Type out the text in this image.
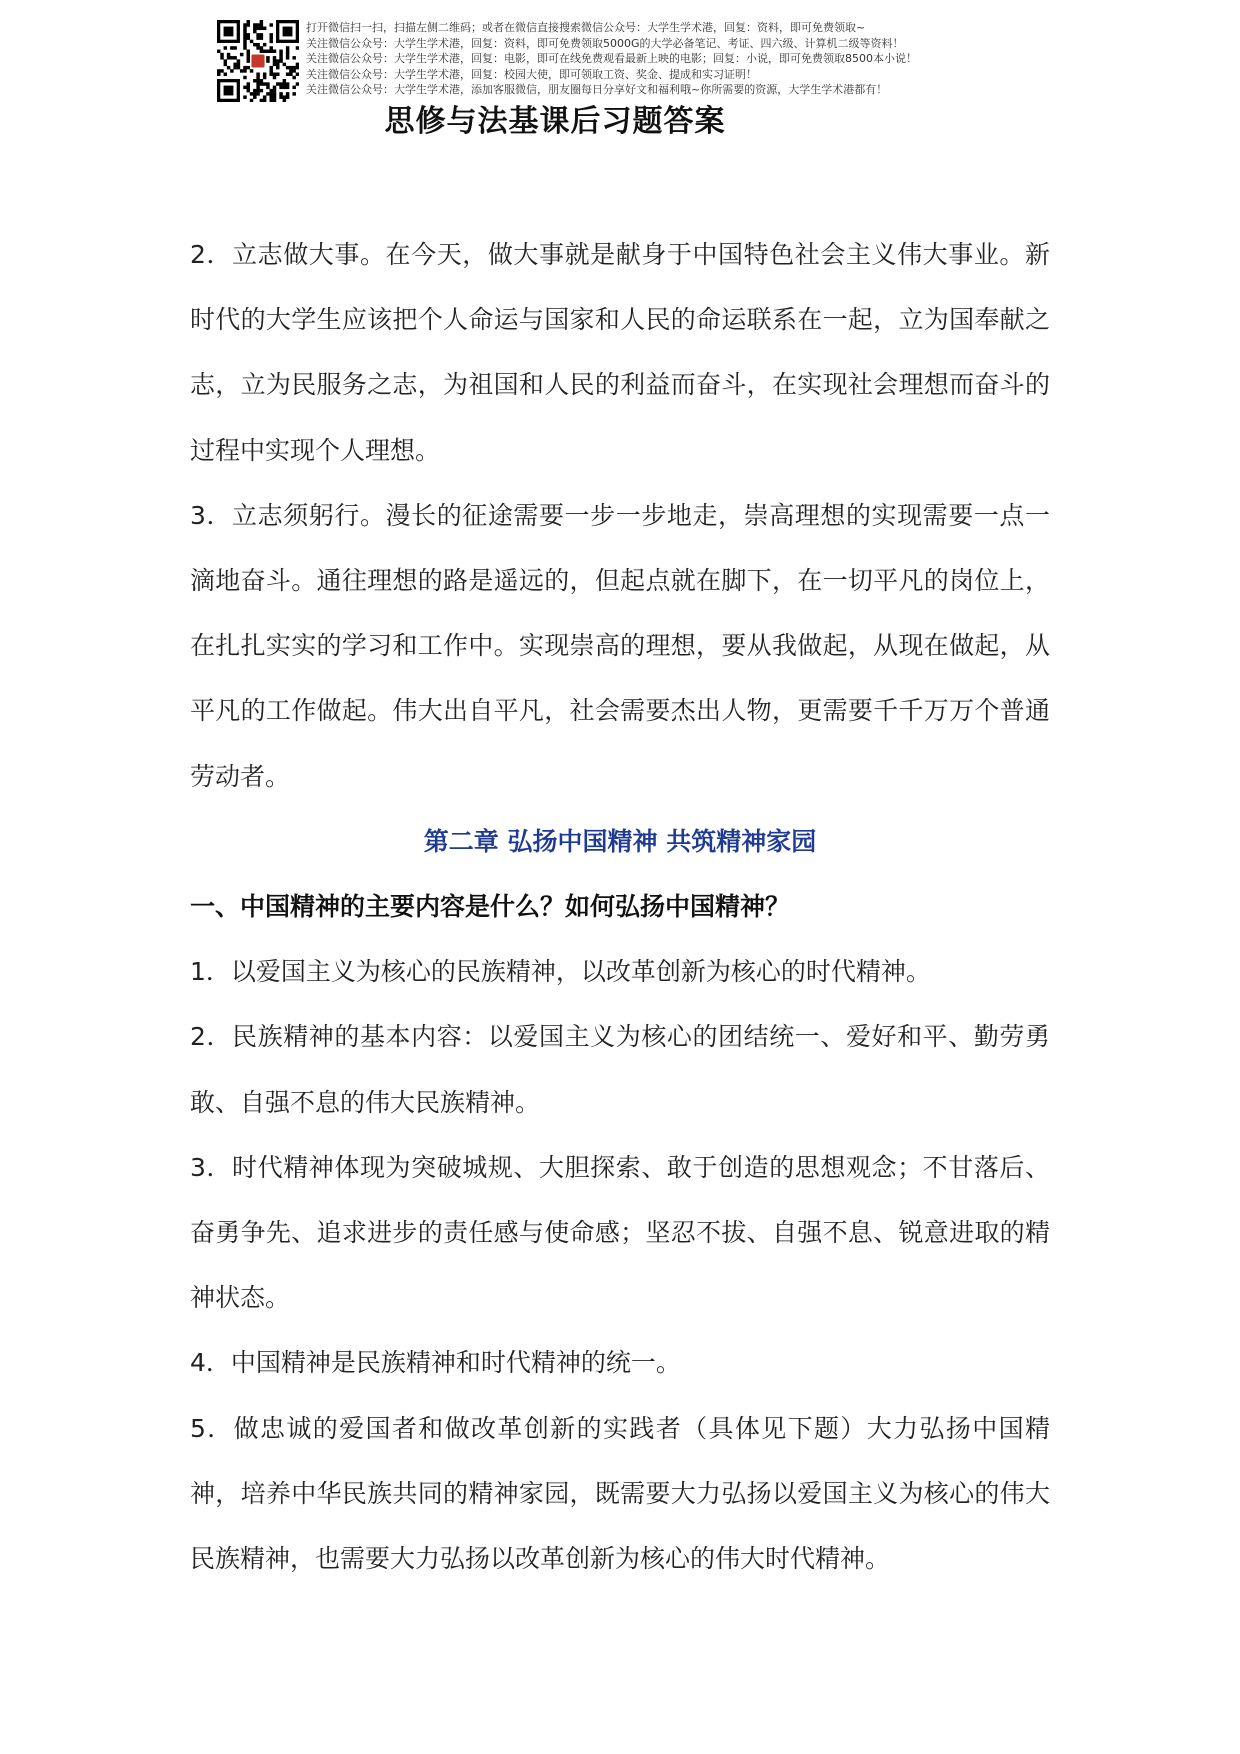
打开微信扫一扫，扫描左侧二维码；或者在微信直接搜索微信公众号：大学生学术港，回复：资料，即可免费领取~
关注微信公众号：大学生学术港，回复：资料，即可免费领取5000G的大学必备笔记、考证、四六级、计算机二级等资料！
关注微信公众号：大学生学术港，回复：电影，即可在线免费观看最新上映的电影；回复：小说，即可免费领取8500本小说！
关注微信公众号：大学生学术港，回复：校园大使，即可领取工资、奖金、提成和实习证明！
关注微信公众号：大学生学术港，添加客服微信，朋友圈每日分享好文和福利哦~你所需要的资源，大学生学术港都有！
思修与法基课后习题答案

2．立志做大事。在今天，做大事就是献身于中国特色社会主义伟大事业。新时代的大学生应该把个人命运与国家和人民的命运联系在一起，立为国奉献之志，立为民服务之志，为祖国和人民的利益而奋斗，在实现社会理想而奋斗的过程中实现个人理想。

3．立志须躬行。漫长的征途需要一步一步地走，崇高理想的实现需要一点一滴地奋斗。通往理想的路是遥远的，但起点就在脚下，在一切平凡的岗位上，在扎扎实实的学习和工作中。实现崇高的理想，要从我做起，从现在做起，从平凡的工作做起。伟大出自平凡，社会需要杰出人物，更需要千千万万个普通劳动者。

第二章 弘扬中国精神 共筑精神家园

一、中国精神的主要内容是什么？如何弘扬中国精神？

1．以爱国主义为核心的民族精神，以改革创新为核心的时代精神。

2．民族精神的基本内容：以爱国主义为核心的团结统一、爱好和平、勤劳勇敢、自强不息的伟大民族精神。

3．时代精神体现为突破城规、大胆探索、敢于创造的思想观念；不甘落后、奋勇争先、追求进步的责任感与使命感；坚忍不拔、自强不息、锐意进取的精神状态。

4．中国精神是民族精神和时代精神的统一。

5．做忠诚的爱国者和做改革创新的实践者（具体见下题）大力弘扬中国精神，培养中华民族共同的精神家园，既需要大力弘扬以爱国主义为核心的伟大民族精神，也需要大力弘扬以改革创新为核心的伟大时代精神。
